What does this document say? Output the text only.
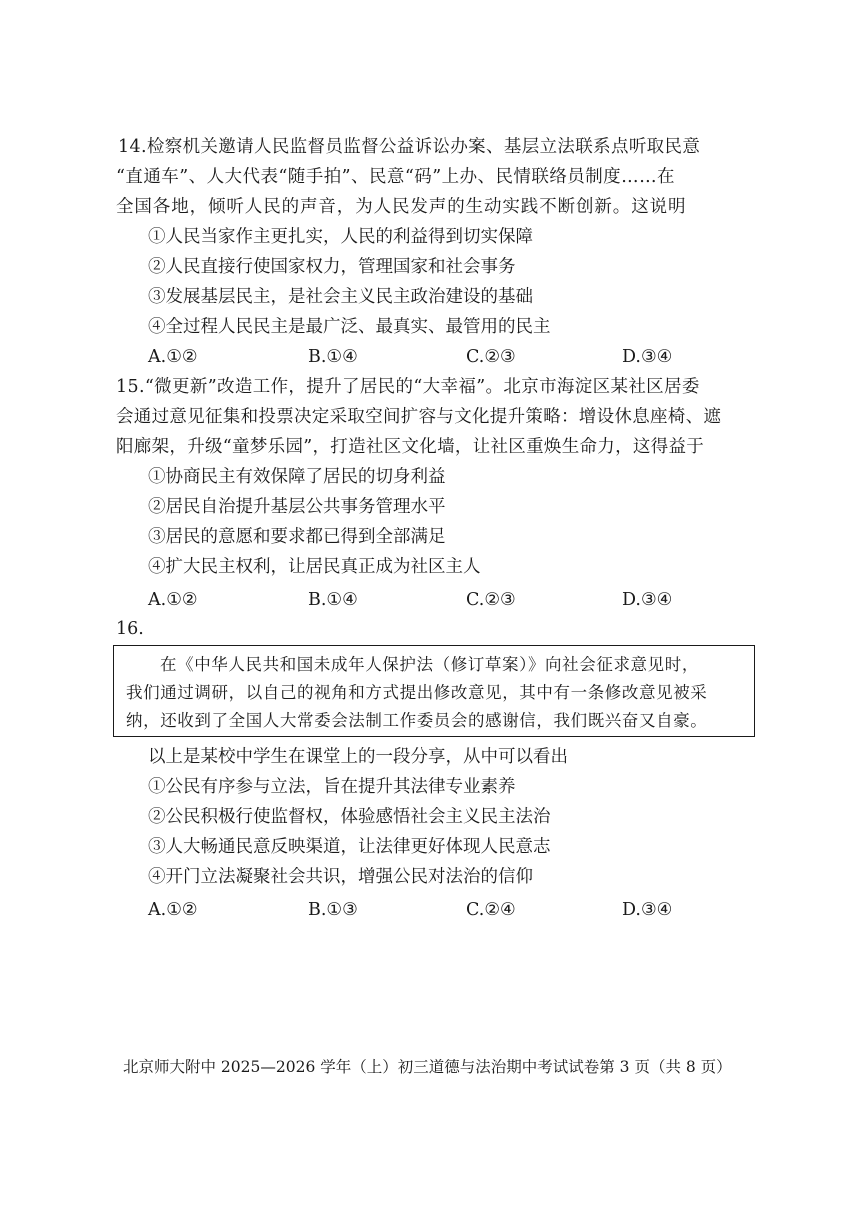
14.检察机关邀请人民监督员监督公益诉讼办案、基层立法联系点听取民意
“直通车”、人大代表“随手拍”、民意“码”上办、民情联络员制度……在
全国各地，倾听人民的声音，为人民发声的生动实践不断创新。这说明
①人民当家作主更扎实，人民的利益得到切实保障
②人民直接行使国家权力，管理国家和社会事务
③发展基层民主，是社会主义民主政治建设的基础
④全过程人民民主是最广泛、最真实、最管用的民主
A.①②	B.①④	C.②③	D.③④
15.“微更新”改造工作，提升了居民的“大幸福”。北京市海淀区某社区居委
会通过意见征集和投票决定采取空间扩容与文化提升策略：增设休息座椅、遮
阳廊架，升级“童梦乐园”，打造社区文化墙，让社区重焕生命力，这得益于
①协商民主有效保障了居民的切身利益
②居民自治提升基层公共事务管理水平
③居民的意愿和要求都已得到全部满足
④扩大民主权利，让居民真正成为社区主人
A.①②	B.①④	C.②③	D.③④
16.
在《中华人民共和国未成年人保护法（修订草案）》向社会征求意见时，
我们通过调研，以自己的视角和方式提出修改意见，其中有一条修改意见被采
纳，还收到了全国人大常委会法制工作委员会的感谢信，我们既兴奋又自豪。
以上是某校中学生在课堂上的一段分享，从中可以看出
①公民有序参与立法，旨在提升其法律专业素养
②公民积极行使监督权，体验感悟社会主义民主法治
③人大畅通民意反映渠道，让法律更好体现人民意志
④开门立法凝聚社会共识，增强公民对法治的信仰
A.①②	B.①③	C.②④	D.③④
北京师大附中 2025—2026 学年（上）初三道德与法治期中考试试卷第 3 页（共 8 页）
